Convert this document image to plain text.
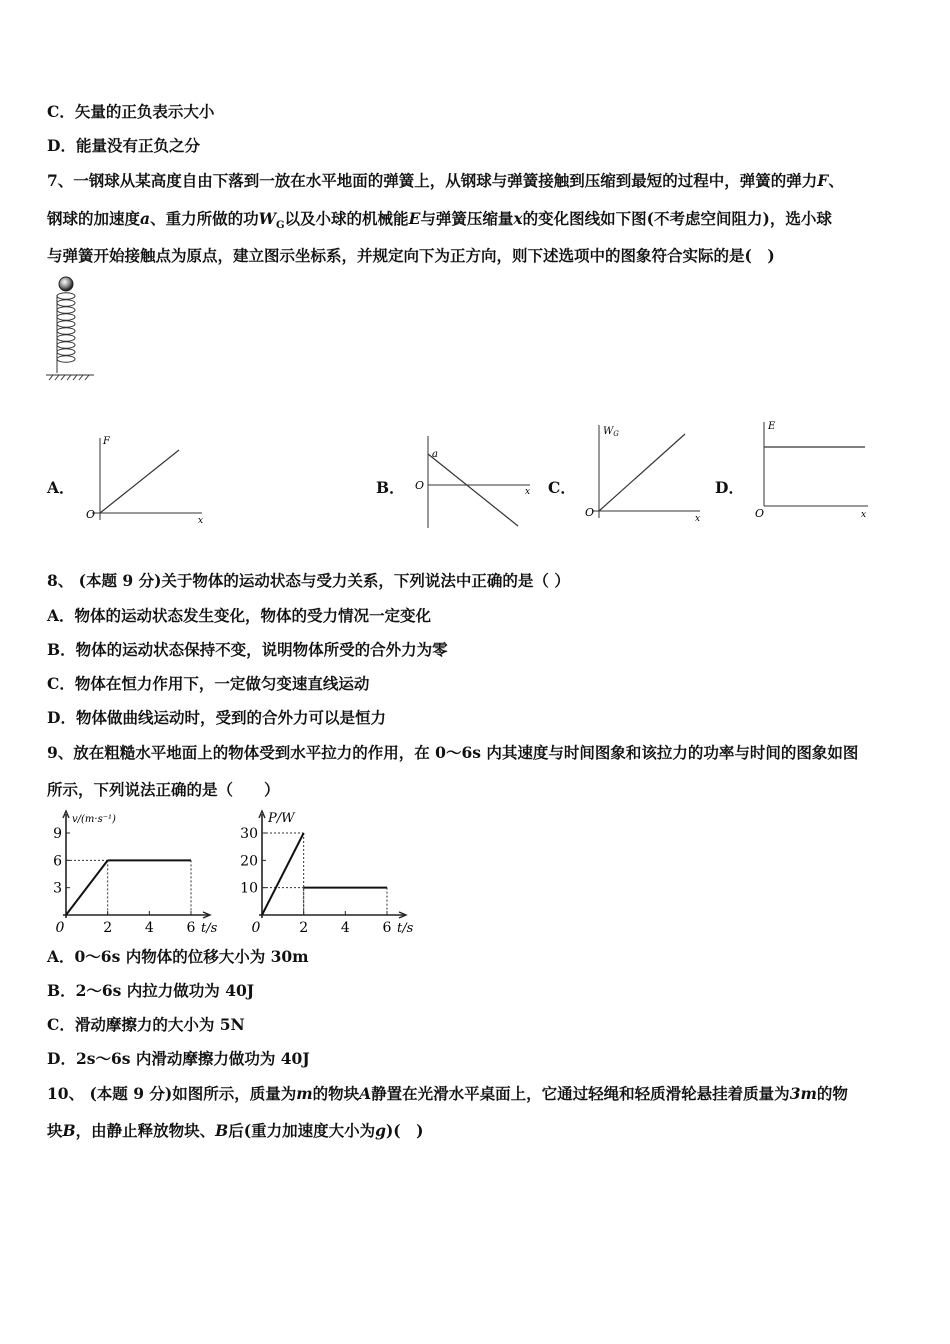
C．矢量的正负表示大小
D．能量没有正负之分
7、一钢球从某高度自由下落到一放在水平地面的弹簧上，从钢球与弹簧接触到压缩到最短的过程中，弹簧的弹力F、
钢球的加速度a、重力所做的功$W_G$以及小球的机械能E与弹簧压缩量x的变化图线如下图(不考虑空间阻力)，选小球
与弹簧开始接触点为原点，建立图示坐标系，并规定向下为正方向，则下述选项中的图象符合实际的是(　)
A．	B．	C．	D．
F
O	x
a
O	x
$W_G$
O	x
E
O	x
8、 (本题 9 分)关于物体的运动状态与受力关系，下列说法中正确的是（ ）
A．物体的运动状态发生变化，物体的受力情况一定变化
B．物体的运动状态保持不变，说明物体所受的合外力为零
C．物体在恒力作用下，一定做匀变速直线运动
D．物体做曲线运动时，受到的合外力可以是恒力
9、放在粗糙水平地面上的物体受到水平拉力的作用，在 0～6s 内其速度与时间图象和该拉力的功率与时间的图象如图
所示，下列说法正确的是（　　）
3
6
9
0	2 4 6
v/(m·s⁻¹)
t/s
10
20
30
0	2 4 6
P/W
t/s
A．0～6s 内物体的位移大小为 30m
B．2～6s 内拉力做功为 40J
C．滑动摩擦力的大小为 5N
D．2s～6s 内滑动摩擦力做功为 40J
10、 (本题 9 分)如图所示，质量为m的物块A静置在光滑水平桌面上，它通过轻绳和轻质滑轮悬挂着质量为3m的物
块B，由静止释放物块、B后(重力加速度大小为g)(　)
